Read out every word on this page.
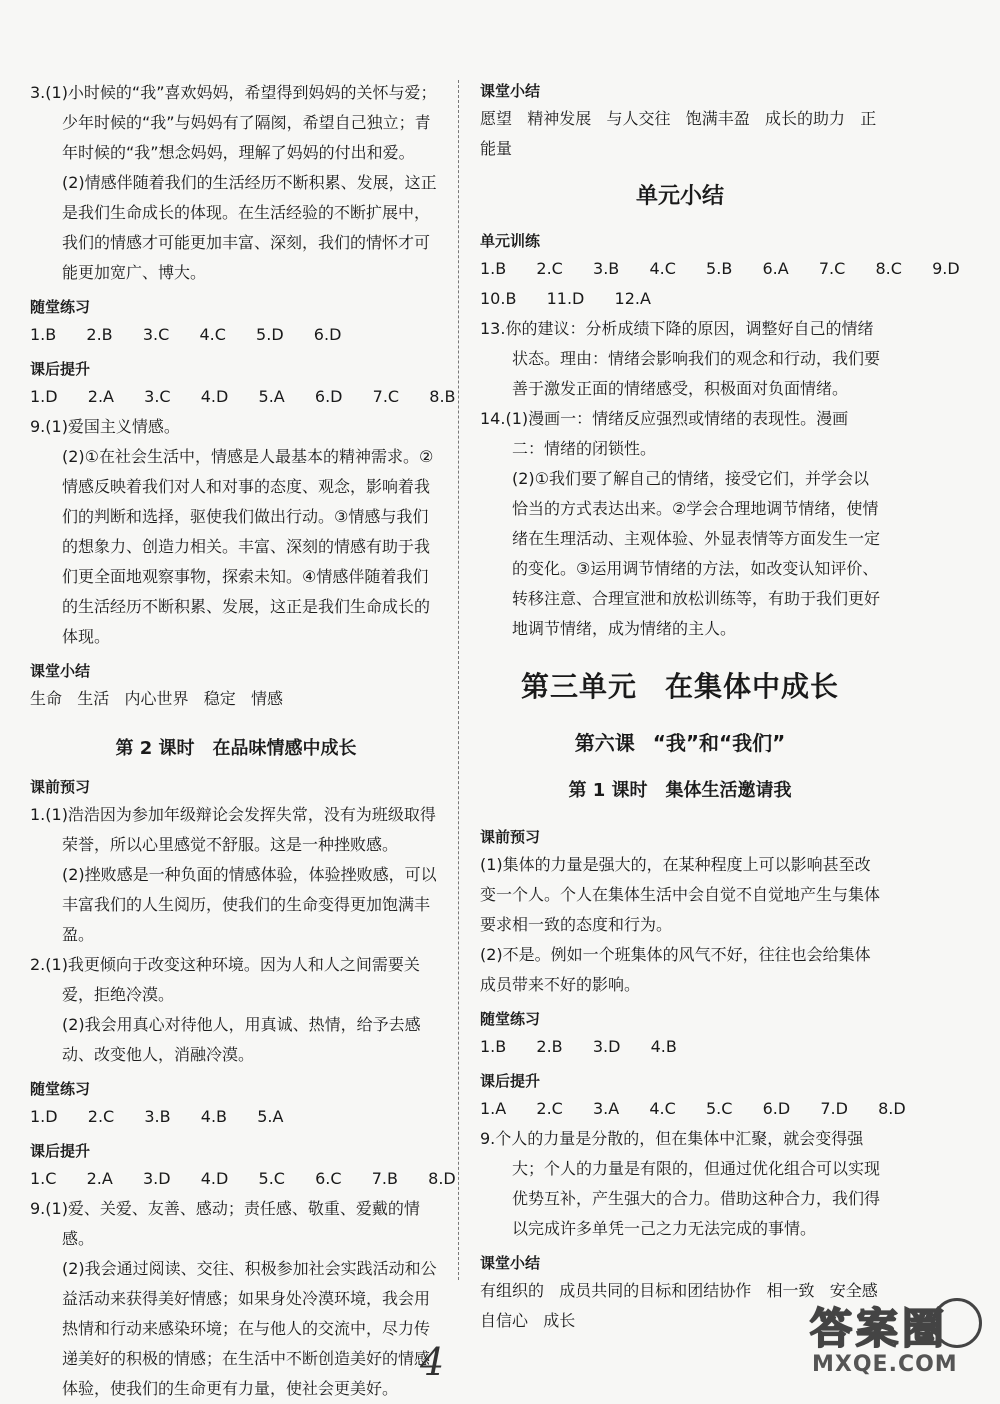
3.(1)小时候的“我”喜欢妈妈，希望得到妈妈的关怀与爱；少年时候的“我”与妈妈有了隔阂，希望自己独立；青年时候的“我”想念妈妈，理解了妈妈的付出和爱。

(2)情感伴随着我们的生活经历不断积累、发展，这正是我们生命成长的体现。在生活经验的不断扩展中，我们的情感才可能更加丰富、深刻，我们的情怀才可能更加宽广、博大。

随堂练习

1.B  2.B  3.C  4.C  5.D  6.D

课后提升

1.D  2.A  3.C  4.D  5.A  6.D  7.C  8.B

9.(1)爱国主义情感。

(2)①在社会生活中，情感是人最基本的精神需求。②情感反映着我们对人和对事的态度、观念，影响着我们的判断和选择，驱使我们做出行动。③情感与我们的想象力、创造力相关。丰富、深刻的情感有助于我们更全面地观察事物，探索未知。④情感伴随着我们的生活经历不断积累、发展，这正是我们生命成长的体现。

课堂小结

生命   生活   内心世界   稳定   情感

第 2 课时 在品味情感中成长

课前预习

1.(1)浩浩因为参加年级辩论会发挥失常，没有为班级取得荣誉，所以心里感觉不舒服。这是一种挫败感。

(2)挫败感是一种负面的情感体验，体验挫败感，可以丰富我们的人生阅历，使我们的生命变得更加饱满丰盈。

2.(1)我更倾向于改变这种环境。因为人和人之间需要关爱，拒绝冷漠。

(2)我会用真心对待他人，用真诚、热情，给予去感动、改变他人，消融冷漠。

随堂练习

1.D  2.C  3.B  4.B  5.A

课后提升

1.C  2.A  3.D  4.D  5.C  6.C  7.B  8.D

9.(1)爱、关爱、友善、感动；责任感、敬重、爱戴的情感。

(2)我会通过阅读、交往、积极参加社会实践活动和公益活动来获得美好情感；如果身处冷漠环境，我会用热情和行动来感染环境；在与他人的交流中，尽力传递美好的积极的情感；在生活中不断创造美好的情感体验，使我们的生命更有力量，使社会更美好。

课堂小结

愿望   精神发展   与人交往   饱满丰盈   成长的助力   正能量

单元小结

单元训练

1.B  2.C  3.B  4.C  5.B  6.A  7.C  8.C  9.D

10.B  11.D  12.A

13.你的建议：分析成绩下降的原因，调整好自己的情绪状态。理由：情绪会影响我们的观念和行动，我们要善于激发正面的情绪感受，积极面对负面情绪。

14.(1)漫画一：情绪反应强烈或情绪的表现性。漫画二：情绪的闭锁性。

(2)①我们要了解自己的情绪，接受它们，并学会以恰当的方式表达出来。②学会合理地调节情绪，使情绪在生理活动、主观体验、外显表情等方面发生一定的变化。③运用调节情绪的方法，如改变认知评价、转移注意、合理宣泄和放松训练等，有助于我们更好地调节情绪，成为情绪的主人。

第三单元 在集体中成长
第六课 “我”和“我们”
第 1 课时 集体生活邀请我

课前预习

(1)集体的力量是强大的，在某种程度上可以影响甚至改变一个人。个人在集体生活中会自觉不自觉地产生与集体要求相一致的态度和行为。

(2)不是。例如一个班集体的风气不好，往往也会给集体成员带来不好的影响。

随堂练习

1.B  2.B  3.D  4.B

课后提升

1.A  2.C  3.A  4.C  5.C  6.D  7.D  8.D

9.个人的力量是分散的，但在集体中汇聚，就会变得强大；个人的力量是有限的，但通过优化组合可以实现优势互补，产生强大的合力。借助这种合力，我们得以完成许多单凭一己之力无法完成的事情。

课堂小结

有组织的   成员共同的目标和团结协作   相一致   安全感   自信心   成长

4
答案圈
MXQE.COM
